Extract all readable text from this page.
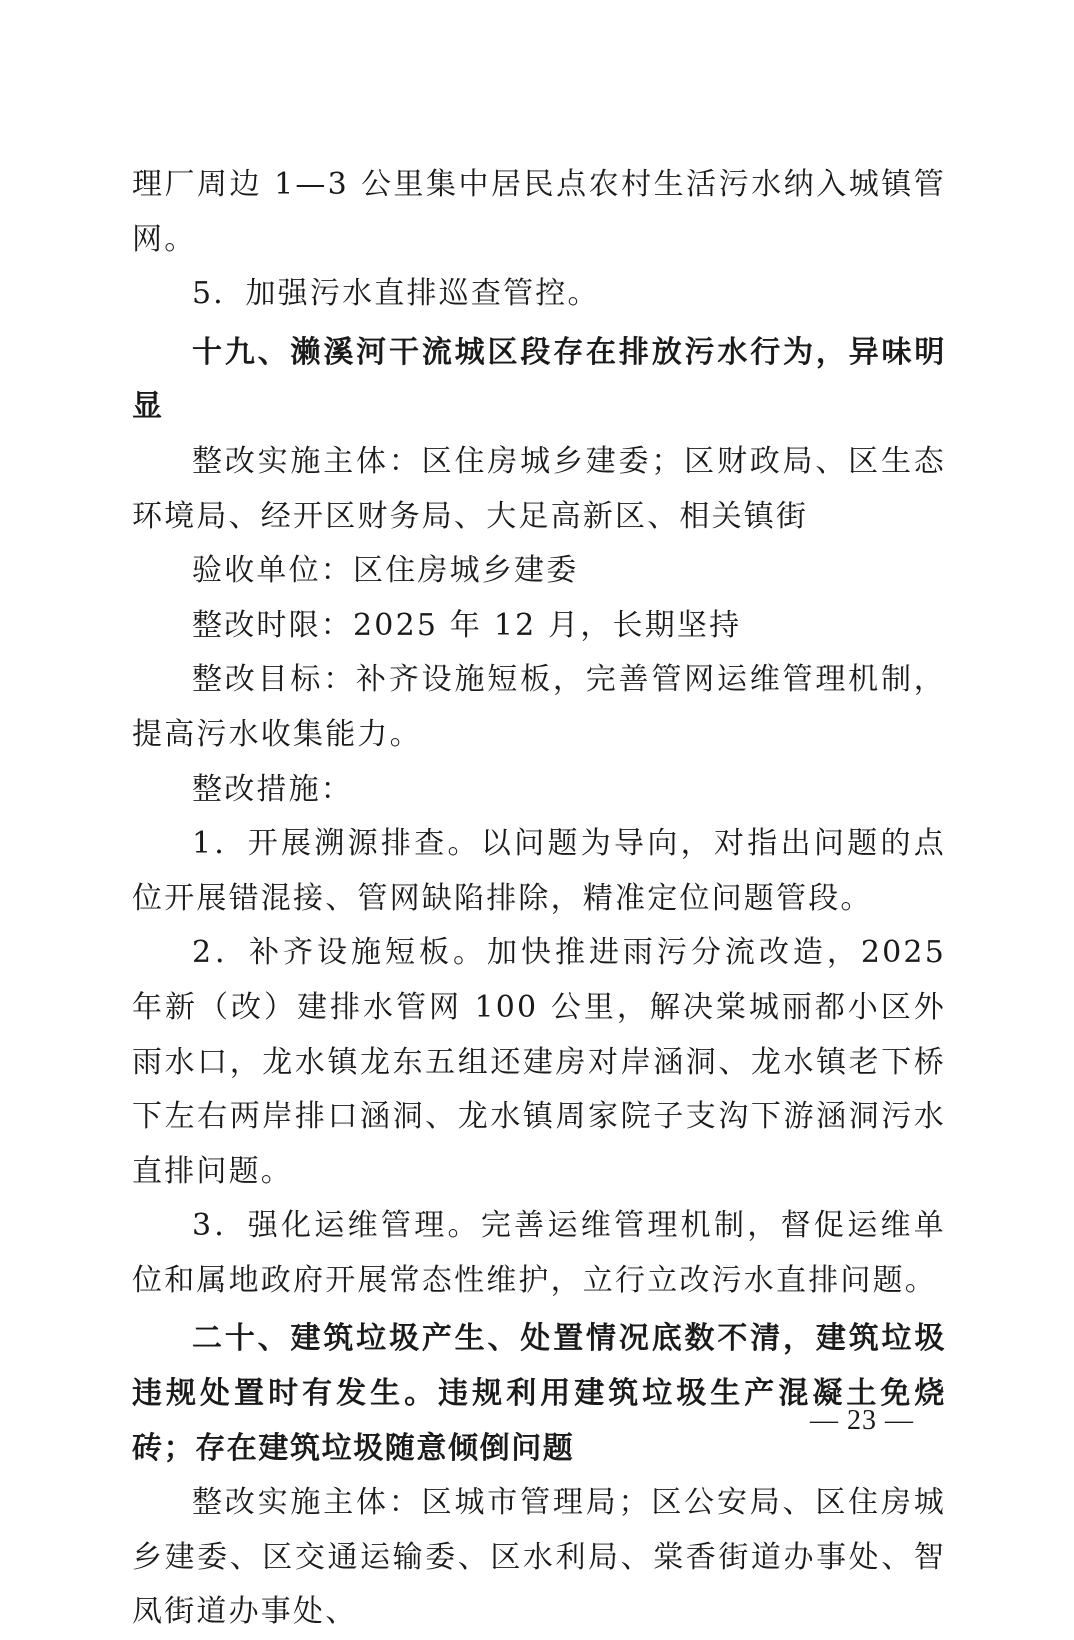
理厂周边 1—3 公里集中居民点农村生活污水纳入城镇管网。

5．加强污水直排巡查管控。

十九、濑溪河干流城区段存在排放污水行为，异味明显

整改实施主体：区住房城乡建委；区财政局、区生态环境局、经开区财务局、大足高新区、相关镇街

验收单位：区住房城乡建委

整改时限：2025 年 12 月，长期坚持

整改目标：补齐设施短板，完善管网运维管理机制，提高污水收集能力。

整改措施：

1．开展溯源排查。以问题为导向，对指出问题的点位开展错混接、管网缺陷排除，精准定位问题管段。

2．补齐设施短板。加快推进雨污分流改造，2025 年新（改）建排水管网 100 公里，解决棠城丽都小区外雨水口，龙水镇龙东五组还建房对岸涵洞、龙水镇老下桥下左右两岸排口涵洞、龙水镇周家院子支沟下游涵洞污水直排问题。

3．强化运维管理。完善运维管理机制，督促运维单位和属地政府开展常态性维护，立行立改污水直排问题。

二十、建筑垃圾产生、处置情况底数不清，建筑垃圾违规处置时有发生。违规利用建筑垃圾生产混凝土免烧砖；存在建筑垃圾随意倾倒问题

整改实施主体：区城市管理局；区公安局、区住房城乡建委、区交通运输委、区水利局、棠香街道办事处、智凤街道办事处、

— 23 —
